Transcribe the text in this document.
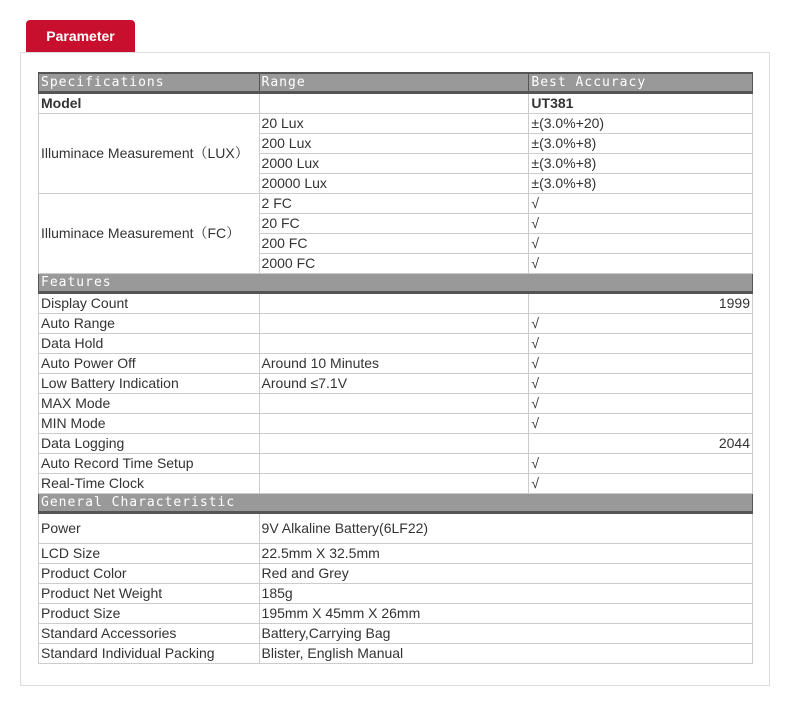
Parameter
Specifications	Range	Best Accuracy
Model		UT381
Illuminace Measurement（LUX）	20 Lux	±(3.0%+20)
	200 Lux	±(3.0%+8)
	2000 Lux	±(3.0%+8)
	20000 Lux	±(3.0%+8)
Illuminace Measurement（FC）	2 FC	√
	20 FC	√
	200 FC	√
	2000 FC	√
Features		
Display Count		1999
Auto Range		√
Data Hold		√
Auto Power Off	Around 10 Minutes	√
Low Battery Indication	Around ≤7.1V	√
MAX Mode		√
MIN Mode		√
Data Logging		2044
Auto Record Time Setup		√
Real-Time Clock		√
General Characteristic		
Power	9V Alkaline Battery(6LF22)	
LCD Size	22.5mm X 32.5mm	
Product Color	Red and Grey	
Product Net Weight	185g	
Product Size	195mm X 45mm X 26mm	
Standard Accessories	Battery,Carrying Bag	
Standard Individual Packing	Blister, English Manual	
